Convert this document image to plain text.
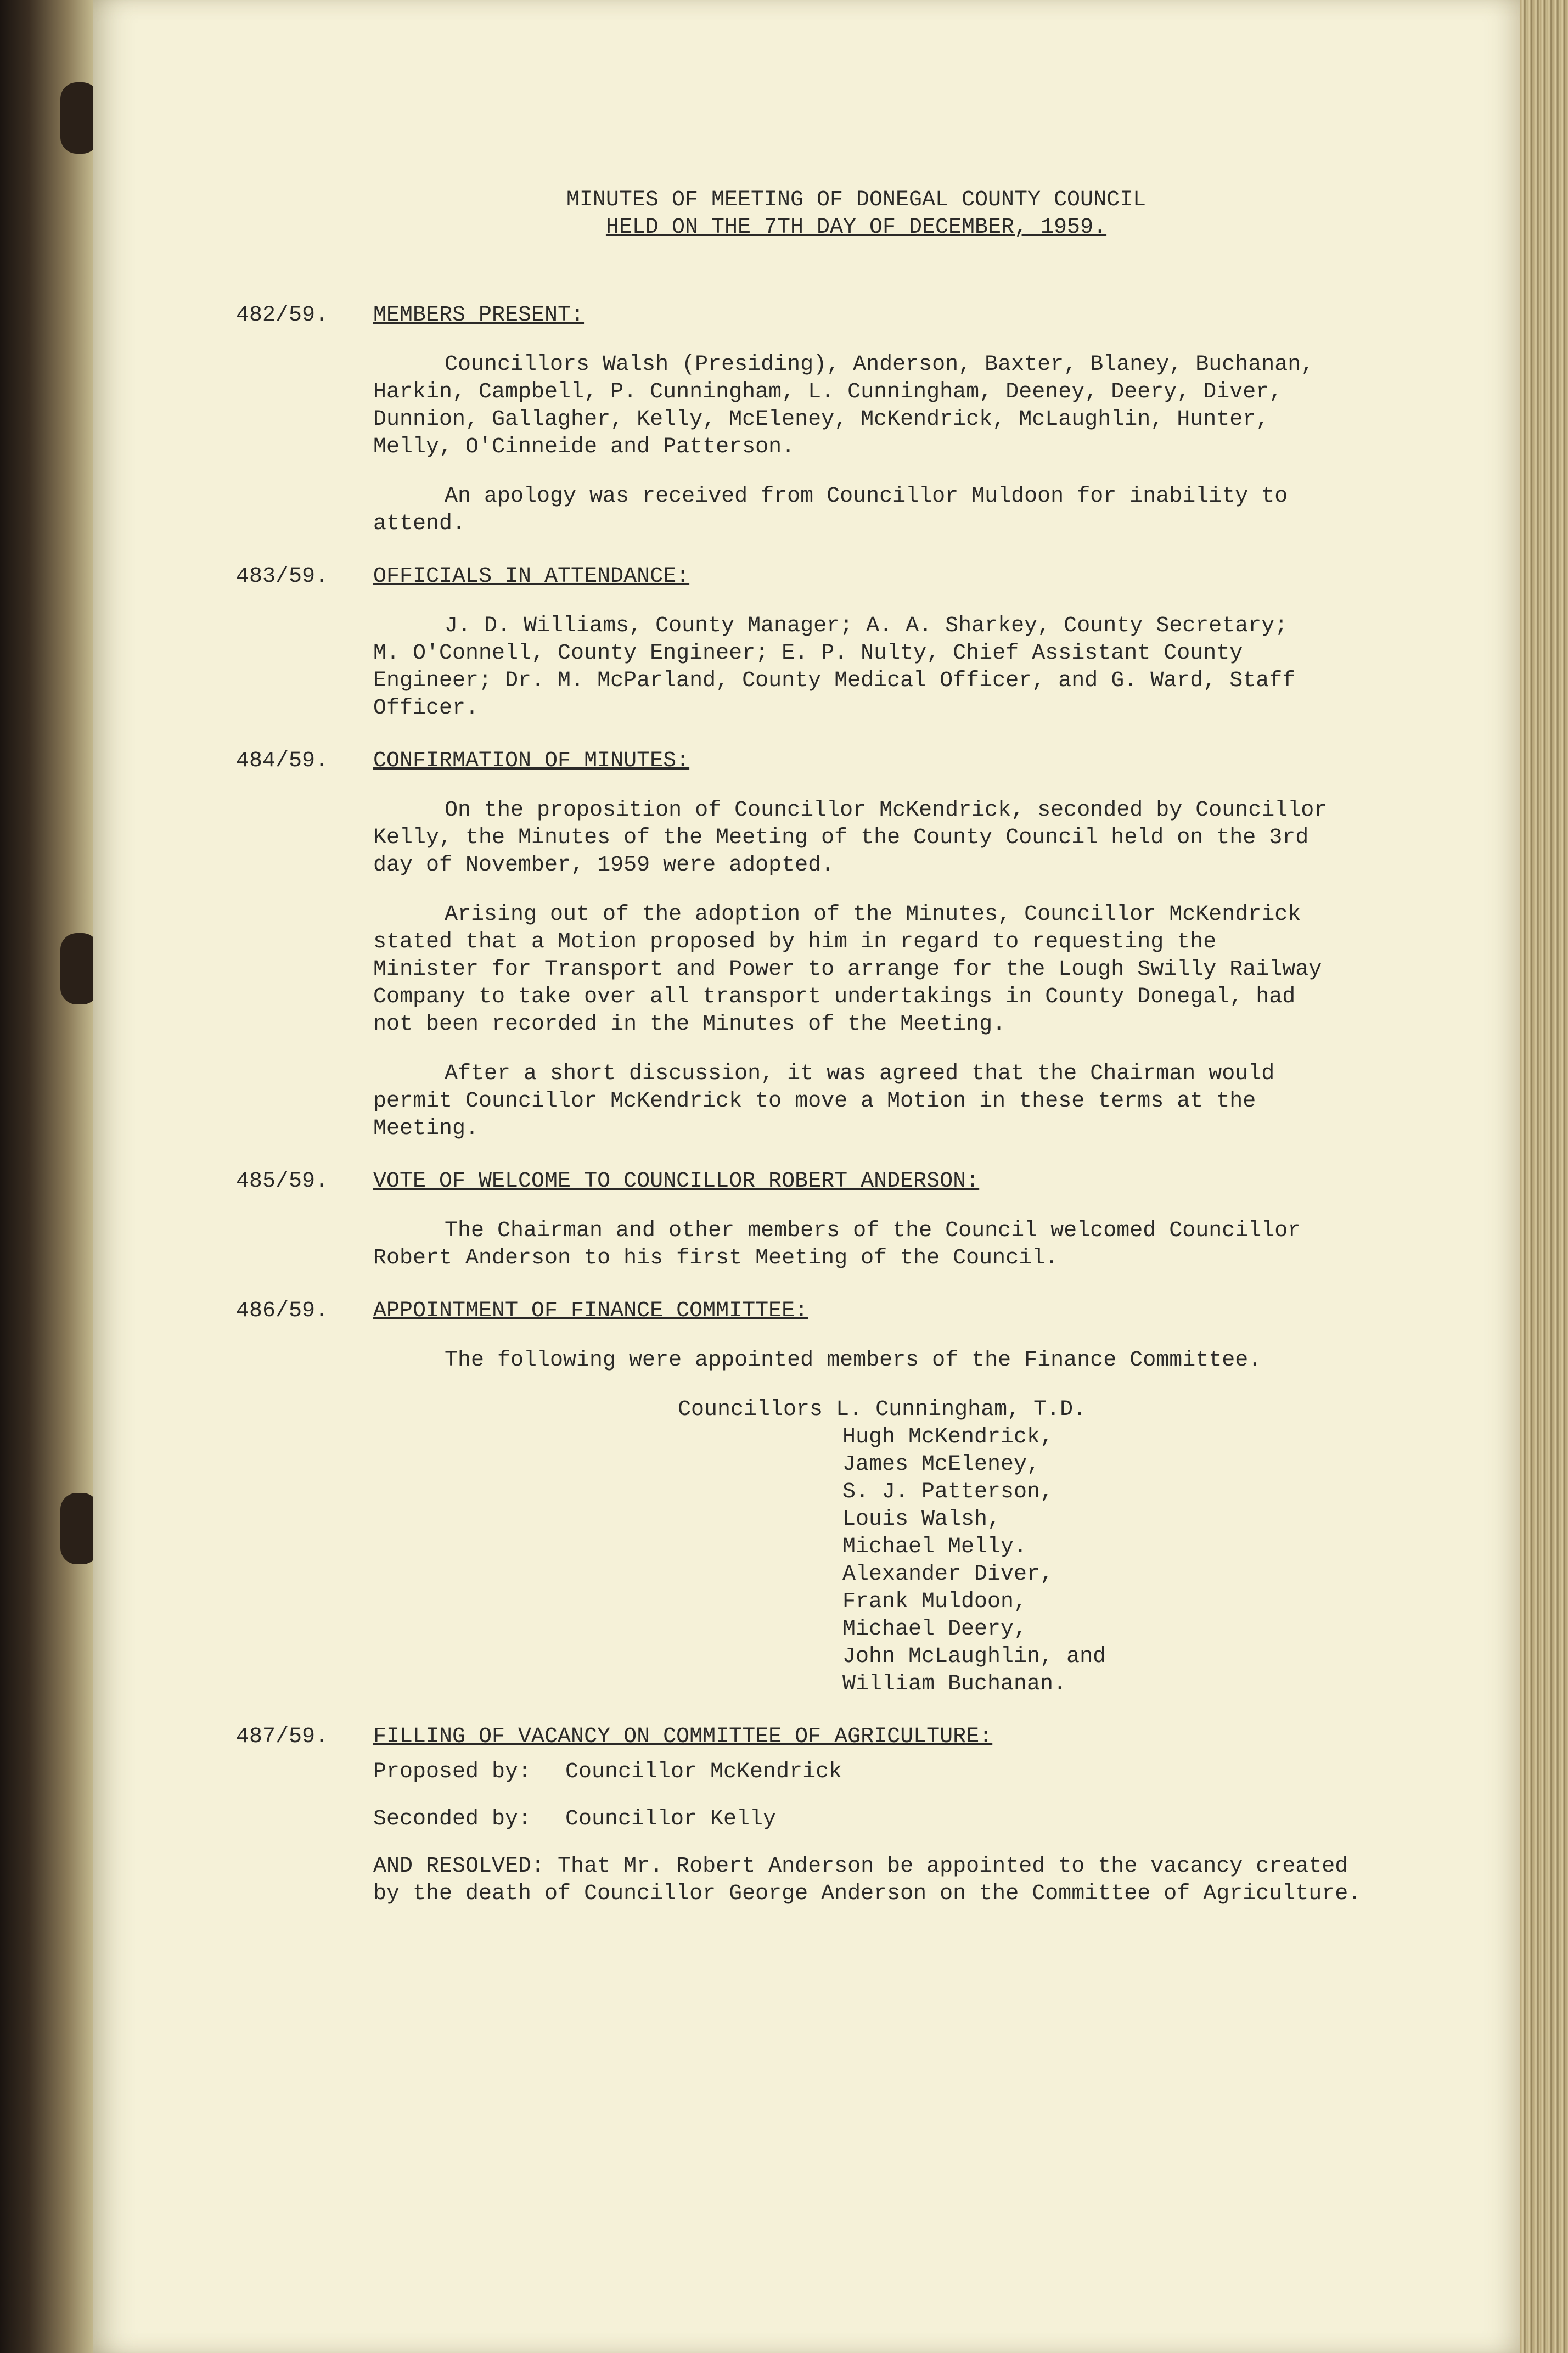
MINUTES OF MEETING OF DONEGAL COUNTY COUNCIL
HELD ON THE 7TH DAY OF DECEMBER, 1959.
482/59. MEMBERS PRESENT:
Councillors Walsh (Presiding), Anderson, Baxter, Blaney, Buchanan,
Harkin, Campbell, P. Cunningham, L. Cunningham, Deeney, Deery, Diver,
Dunnion, Gallagher, Kelly, McEleney, McKendrick, McLaughlin, Hunter,
Melly, O'Cinneide and Patterson.
An apology was received from Councillor Muldoon for inability to
attend.
483/59. OFFICIALS IN ATTENDANCE:
J. D. Williams, County Manager; A. A. Sharkey, County Secretary;
M. O'Connell, County Engineer; E. P. Nulty, Chief Assistant County
Engineer; Dr. M. McParland, County Medical Officer, and G. Ward, Staff
Officer.
484/59. CONFIRMATION OF MINUTES:
On the proposition of Councillor McKendrick, seconded by Councillor
Kelly, the Minutes of the Meeting of the County Council held on the 3rd
day of November, 1959 were adopted.
Arising out of the adoption of the Minutes, Councillor McKendrick
stated that a Motion proposed by him in regard to requesting the
Minister for Transport and Power to arrange for the Lough Swilly Railway
Company to take over all transport undertakings in County Donegal, had
not been recorded in the Minutes of the Meeting.
After a short discussion, it was agreed that the Chairman would
permit Councillor McKendrick to move a Motion in these terms at the
Meeting.
485/59. VOTE OF WELCOME TO COUNCILLOR ROBERT ANDERSON:
The Chairman and other members of the Council welcomed Councillor
Robert Anderson to his first Meeting of the Council.
486/59. APPOINTMENT OF FINANCE COMMITTEE:
The following were appointed members of the Finance Committee.
Councillors L. Cunningham, T.D.
Hugh McKendrick,
James McEleney,
S. J. Patterson,
Louis Walsh,
Michael Melly.
Alexander Diver,
Frank Muldoon,
Michael Deery,
John McLaughlin, and
William Buchanan.
487/59. FILLING OF VACANCY ON COMMITTEE OF AGRICULTURE:
Proposed by: Councillor McKendrick
Seconded by: Councillor Kelly
AND RESOLVED: That Mr. Robert Anderson be appointed to the vacancy created
by the death of Councillor George Anderson on the Committee of Agriculture.
